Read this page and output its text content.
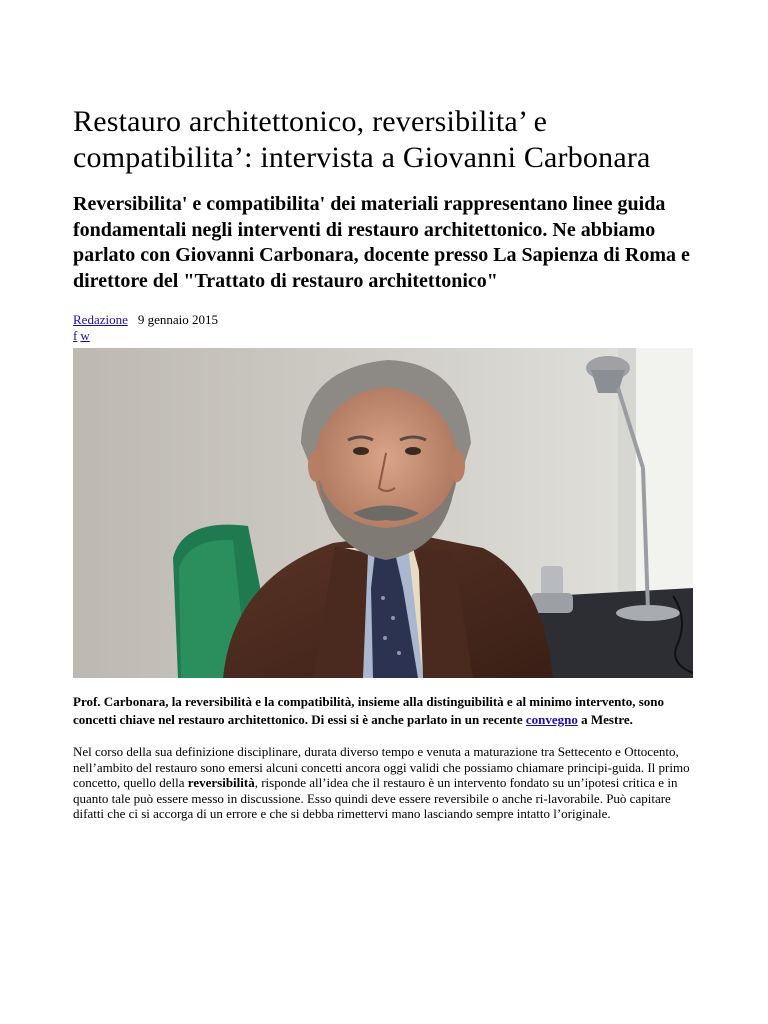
Restauro architettonico, reversibilita’ e compatibilita’: intervista a Giovanni Carbonara

Reversibilita' e compatibilita' dei materiali rappresentano linee guida fondamentali negli interventi di restauro architettonico. Ne abbiamo parlato con Giovanni Carbonara, docente presso La Sapienza di Roma e direttore del "Trattato di restauro architettonico"

Redazione 9 gennaio 2015
f w
Prof. Carbonara, la reversibilità e la compatibilità, insieme alla distinguibilità e al minimo intervento, sono concetti chiave nel restauro architettonico. Di essi si è anche parlato in un recente convegno a Mestre.
Nel corso della sua definizione disciplinare, durata diverso tempo e venuta a maturazione tra Settecento e Ottocento, nell’ambito del restauro sono emersi alcuni concetti ancora oggi validi che possiamo chiamare principi-guida. Il primo concetto, quello della reversibilità, risponde all’idea che il restauro è un intervento fondato su un’ipotesi critica e in quanto tale può essere messo in discussione. Esso quindi deve essere reversibile o anche ri-lavorabile. Può capitare difatti che ci si accorga di un errore e che si debba rimettervi mano lasciando sempre intatto l’originale.
